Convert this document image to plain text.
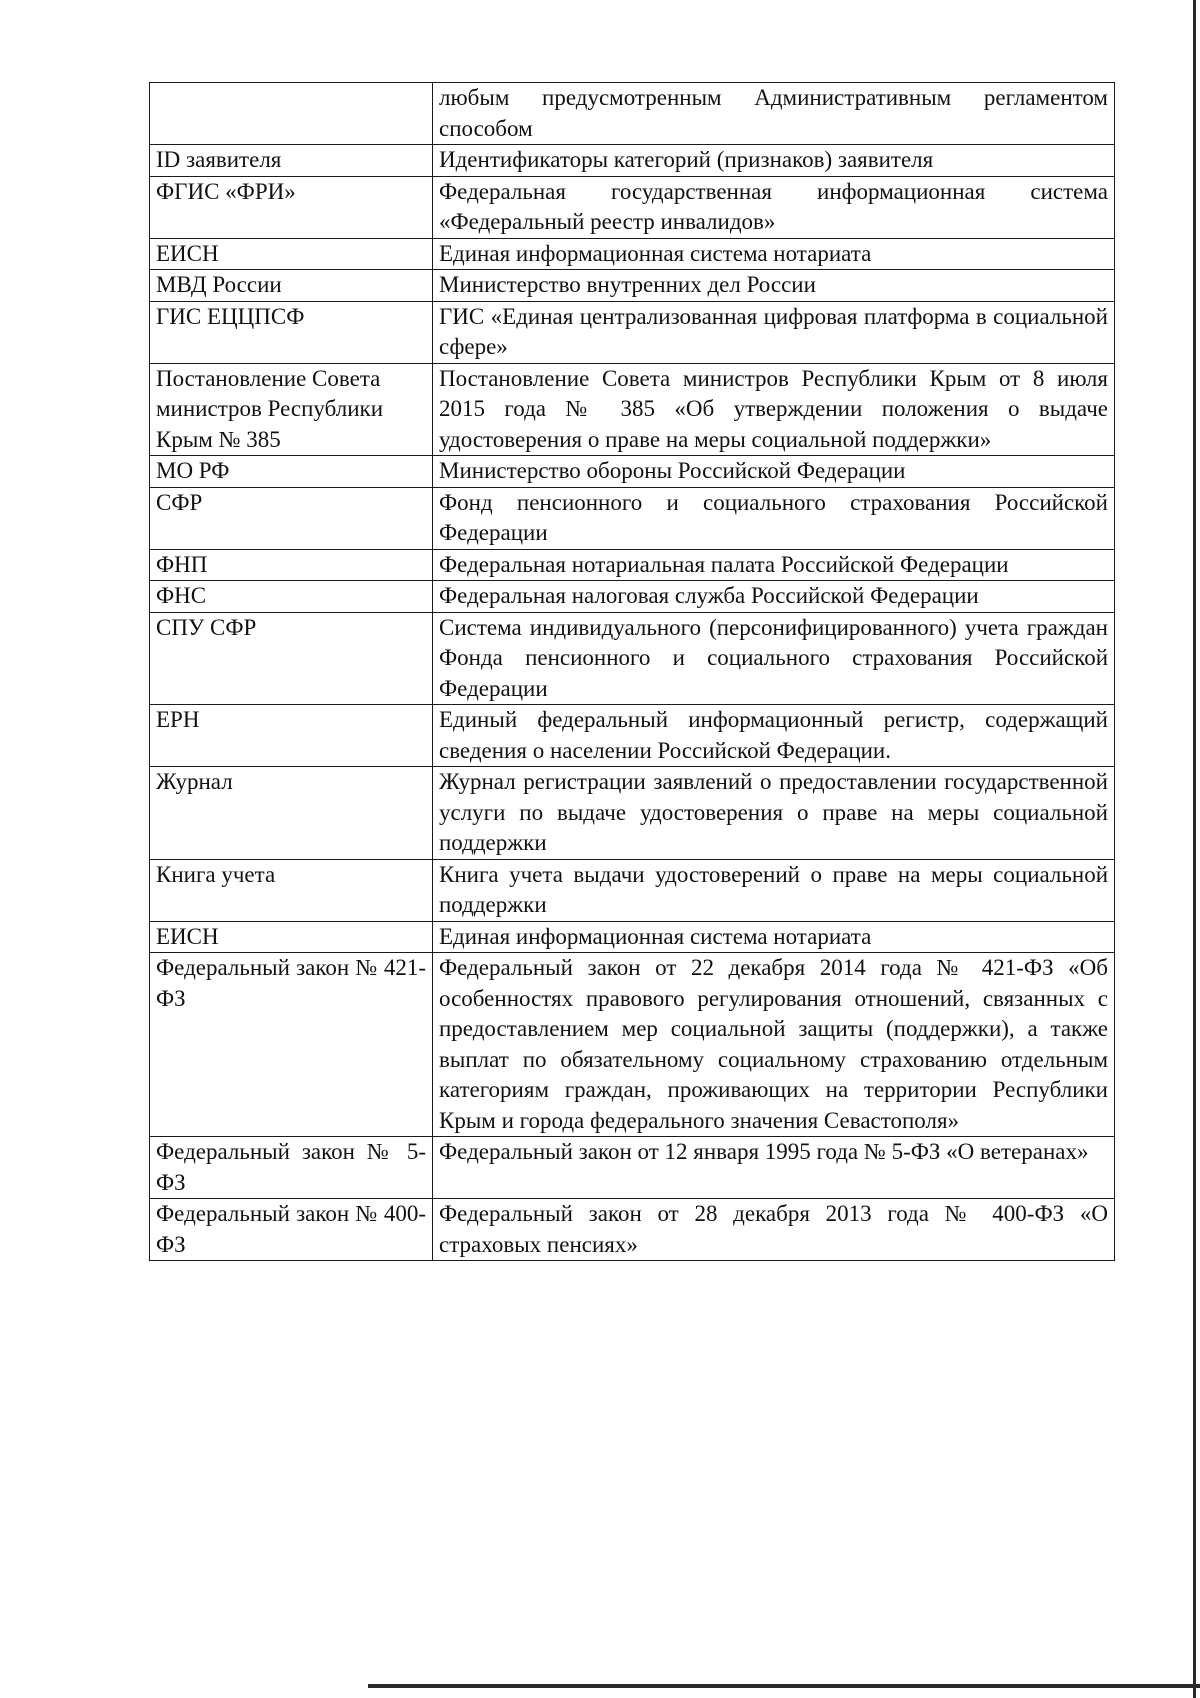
	любым предусмотренным Административным регламентом способом
ID заявителя	Идентификаторы категорий (признаков) заявителя
ФГИС «ФРИ»	Федеральная государственная информационная система «Федеральный реестр инвалидов»
ЕИСН	Единая информационная система нотариата
МВД России	Министерство внутренних дел России
ГИС ЕЦЦПСФ	ГИС «Единая централизованная цифровая платформа в социальной сфере»
Постановление Совета министров Республики Крым № 385	Постановление Совета министров Республики Крым от 8 июля 2015 года № 385 «Об утверждении положения о выдаче удостоверения о праве на меры социальной поддержки»
МО РФ	Министерство обороны Российской Федерации
СФР	Фонд пенсионного и социального страхования Российской Федерации
ФНП	Федеральная нотариальная палата Российской Федерации
ФНС	Федеральная налоговая служба Российской Федерации
СПУ СФР	Система индивидуального (персонифицированного) учета граждан Фонда пенсионного и социального страхования Российской Федерации
ЕРН	Единый федеральный информационный регистр, содержащий сведения о населении Российской Федерации.
Журнал	Журнал регистрации заявлений о предоставлении государственной услуги по выдаче удостоверения о праве на меры социальной поддержки
Книга учета	Книга учета выдачи удостоверений о праве на меры социальной поддержки
ЕИСН	Единая информационная система нотариата
Федеральный закон № 421-ФЗ	Федеральный закон от 22 декабря 2014 года № 421-ФЗ «Об особенностях правового регулирования отношений, связанных с предоставлением мер социальной защиты (поддержки), а также выплат по обязательному социальному страхованию отдельным категориям граждан, проживающих на территории Республики Крым и города федерального значения Севастополя»
Федеральный закон № 5-ФЗ	Федеральный закон от 12 января 1995 года № 5-ФЗ «О ветеранах»
Федеральный закон № 400-ФЗ	Федеральный закон от 28 декабря 2013 года № 400-ФЗ «О страховых пенсиях»
